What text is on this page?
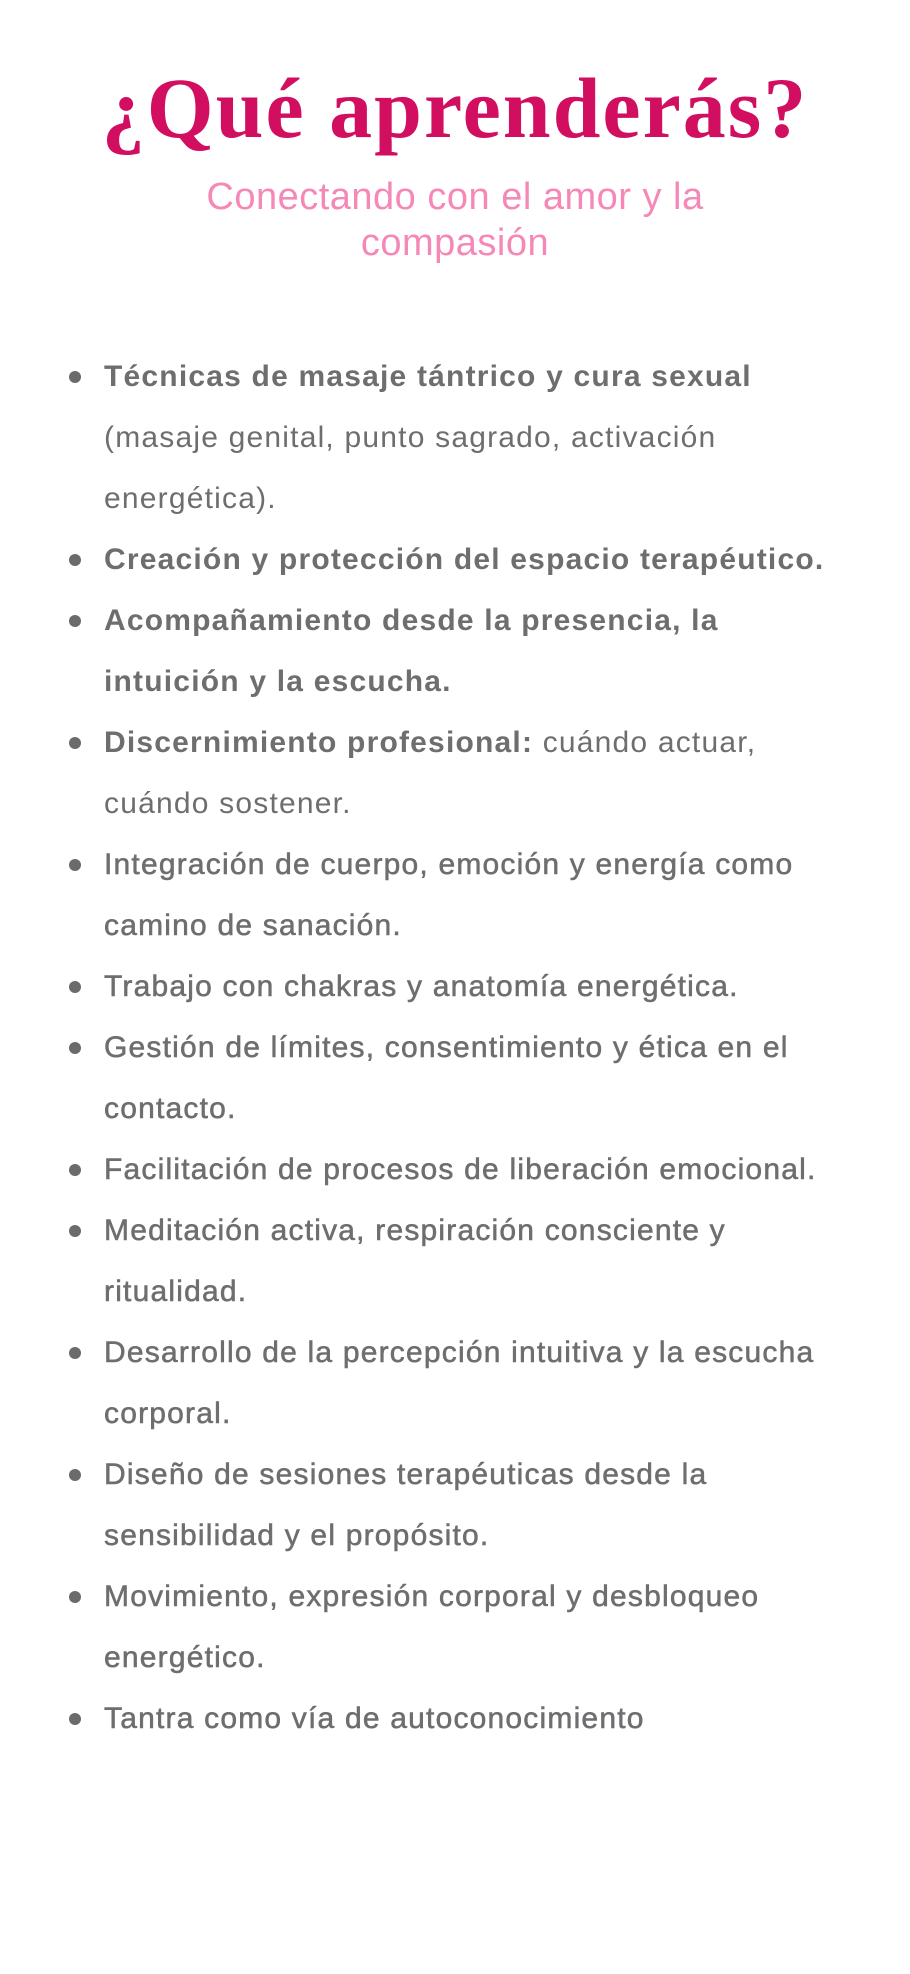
¿Qué aprenderás?
Conectando con el amor y la compasión
Técnicas de masaje tántrico y cura sexual (masaje genital, punto sagrado, activación energética).
Creación y protección del espacio terapéutico.
Acompañamiento desde la presencia, la intuición y la escucha.
Discernimiento profesional: cuándo actuar, cuándo sostener.
Integración de cuerpo, emoción y energía como camino de sanación.
Trabajo con chakras y anatomía energética.
Gestión de límites, consentimiento y ética en el contacto.
Facilitación de procesos de liberación emocional.
Meditación activa, respiración consciente y ritualidad.
Desarrollo de la percepción intuitiva y la escucha corporal.
Diseño de sesiones terapéuticas desde la sensibilidad y el propósito.
Movimiento, expresión corporal y desbloqueo energético.
Tantra como vía de autoconocimiento
